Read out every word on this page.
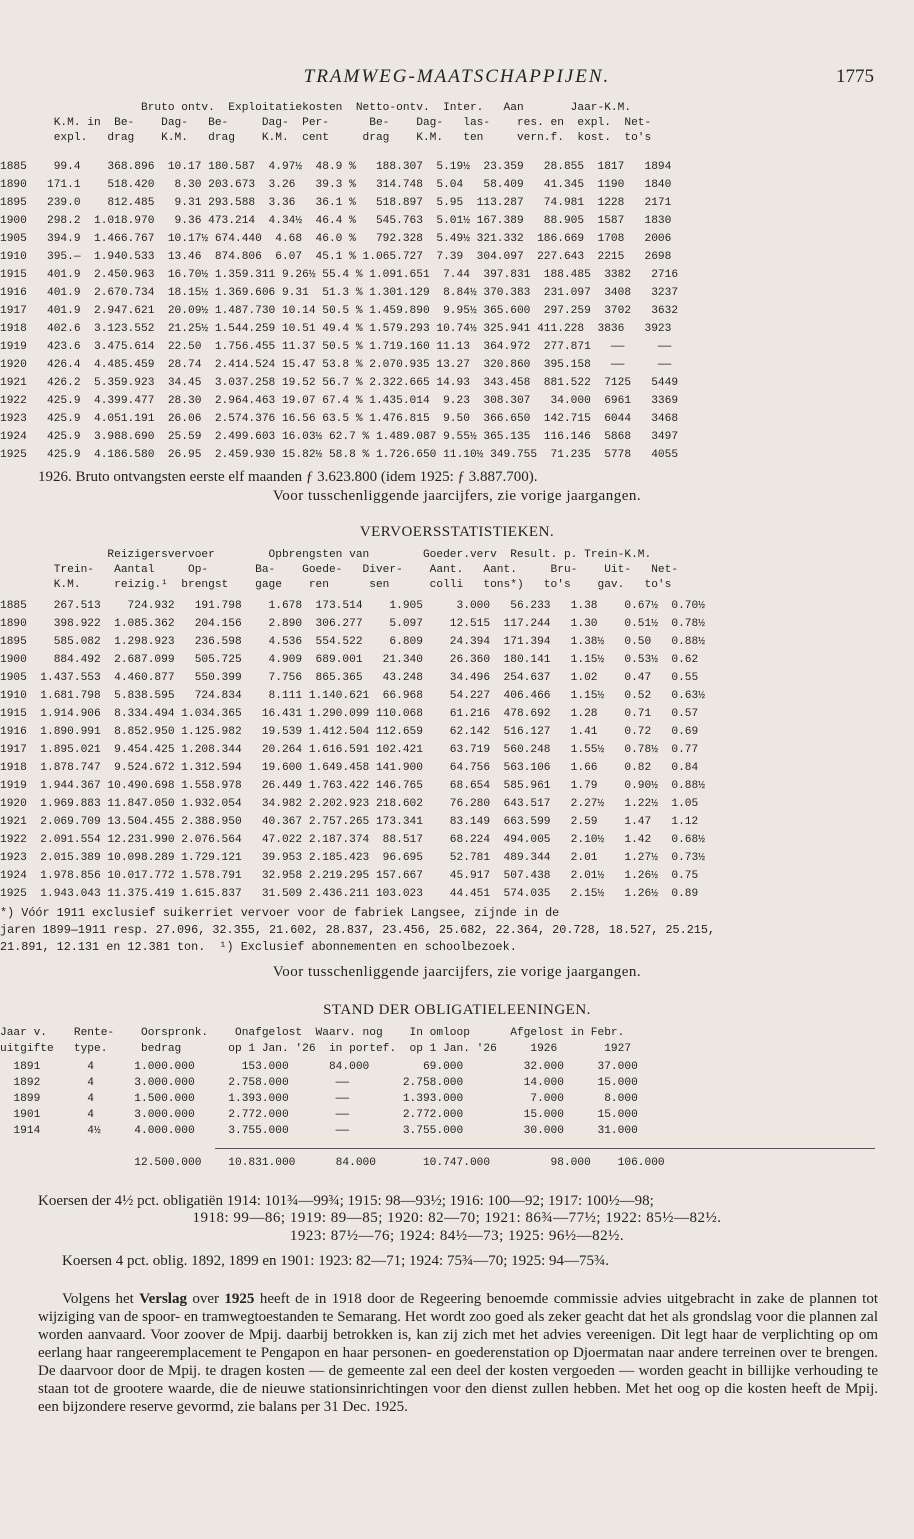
TRAMWEG-MAATSCHAPPIJEN.	1775
Bruto ontv.  Exploitatiekosten  Netto-ontv.  Inter.   Aan       Jaar-K.M.
K.M. in  Be-    Dag-   Be-     Dag-  Per-      Be-    Dag-   las-    res. en  expl.  Net-
expl.   drag    K.M.   drag    K.M.  cent     drag    K.M.   ten     vern.f.  kost.  to's
1885    99.4    368.896  10.17 180.587  4.97½  48.9 %   188.307  5.19½  23.359   28.855  1817   1894
1890   171.1    518.420   8.30 203.673  3.26   39.3 %   314.748  5.04   58.409   41.345  1190   1840
1895   239.0    812.485   9.31 293.588  3.36   36.1 %   518.897  5.95  113.287   74.981  1228   2171
1900   298.2  1.018.970   9.36 473.214  4.34½  46.4 %   545.763  5.01½ 167.389   88.905  1587   1830
1905   394.9  1.466.767  10.17½ 674.440  4.68  46.0 %   792.328  5.49½ 321.332  186.669  1708   2006
1910   395.—  1.940.533  13.46  874.806  6.07  45.1 % 1.065.727  7.39  304.097  227.643  2215   2698
1915   401.9  2.450.963  16.70½ 1.359.311 9.26½ 55.4 % 1.091.651  7.44  397.831  188.485  3382   2716
1916   401.9  2.670.734  18.15½ 1.369.606 9.31  51.3 % 1.301.129  8.84½ 370.383  231.097  3408   3237
1917   401.9  2.947.621  20.09½ 1.487.730 10.14 50.5 % 1.459.890  9.95½ 365.600  297.259  3702   3632
1918   402.6  3.123.552  21.25½ 1.544.259 10.51 49.4 % 1.579.293 10.74½ 325.941 411.228  3836   3923
1919   423.6  3.475.614  22.50  1.756.455 11.37 50.5 % 1.719.160 11.13  364.972  277.871   ——     ——
1920   426.4  4.485.459  28.74  2.414.524 15.47 53.8 % 2.070.935 13.27  320.860  395.158   ——     ——
1921   426.2  5.359.923  34.45  3.037.258 19.52 56.7 % 2.322.665 14.93  343.458  881.522  7125   5449
1922   425.9  4.399.477  28.30  2.964.463 19.07 67.4 % 1.435.014  9.23  308.307   34.000  6961   3369
1923   425.9  4.051.191  26.06  2.574.376 16.56 63.5 % 1.476.815  9.50  366.650  142.715  6044   3468
1924   425.9  3.988.690  25.59  2.499.603 16.03½ 62.7 % 1.489.087 9.55½ 365.135  116.146  5868   3497
1925   425.9  4.186.580  26.95  2.459.930 15.82½ 58.8 % 1.726.650 11.10½ 349.755  71.235  5778   4055
1926. Bruto ontvangsten eerste elf maanden ƒ 3.623.800 (idem 1925: ƒ 3.887.700).
Voor tusschenliggende jaarcijfers, zie vorige jaargangen.
VERVOERSSTATISTIEKEN.
Reizigersvervoer        Opbrengsten van        Goeder.verv  Result. p. Trein-K.M.
Trein-   Aantal     Op-       Ba-    Goede-   Diver-    Aant.   Aant.     Bru-    Uit-   Net-
K.M.     reizig.¹  brengst    gage    ren      sen      colli   tons*)   to's    gav.   to's
1885    267.513    724.932   191.798    1.678  173.514    1.905     3.000   56.233   1.38    0.67½  0.70½
1890    398.922  1.085.362   204.156    2.890  306.277    5.097    12.515  117.244   1.30    0.51½  0.78½
1895    585.082  1.298.923   236.598    4.536  554.522    6.809    24.394  171.394   1.38½   0.50   0.88½
1900    884.492  2.687.099   505.725    4.909  689.001   21.340    26.360  180.141   1.15½   0.53½  0.62
1905  1.437.553  4.460.877   550.399    7.756  865.365   43.248    34.496  254.637   1.02    0.47   0.55
1910  1.681.798  5.838.595   724.834    8.111 1.140.621  66.968    54.227  406.466   1.15½   0.52   0.63½
1915  1.914.906  8.334.494 1.034.365   16.431 1.290.099 110.068    61.216  478.692   1.28    0.71   0.57
1916  1.890.991  8.852.950 1.125.982   19.539 1.412.504 112.659    62.142  516.127   1.41    0.72   0.69
1917  1.895.021  9.454.425 1.208.344   20.264 1.616.591 102.421    63.719  560.248   1.55½   0.78½  0.77
1918  1.878.747  9.524.672 1.312.594   19.600 1.649.458 141.900    64.756  563.106   1.66    0.82   0.84
1919  1.944.367 10.490.698 1.558.978   26.449 1.763.422 146.765    68.654  585.961   1.79    0.90½  0.88½
1920  1.969.883 11.847.050 1.932.054   34.982 2.202.923 218.602    76.280  643.517   2.27½   1.22½  1.05
1921  2.069.709 13.504.455 2.388.950   40.367 2.757.265 173.341    83.149  663.599   2.59    1.47   1.12
1922  2.091.554 12.231.990 2.076.564   47.022 2.187.374  88.517    68.224  494.005   2.10½   1.42   0.68½
1923  2.015.389 10.098.289 1.729.121   39.953 2.185.423  96.695    52.781  489.344   2.01    1.27½  0.73½
1924  1.978.856 10.017.772 1.578.791   32.958 2.219.295 157.667    45.917  507.438   2.01½   1.26½  0.75
1925  1.943.043 11.375.419 1.615.837   31.509 2.436.211 103.023    44.451  574.035   2.15½   1.26½  0.89
*) Vóór 1911 exclusief suikerriet vervoer voor de fabriek Langsee, zijnde in de
jaren 1899—1911 resp. 27.096, 32.355, 21.602, 28.837, 23.456, 25.682, 22.364, 20.728, 18.527, 25.215,
21.891, 12.131 en 12.381 ton.  ¹) Exclusief abonnementen en schoolbezoek.
Voor tusschenliggende jaarcijfers, zie vorige jaargangen.
STAND DER OBLIGATIELEENINGEN.
Jaar v.    Rente-    Oorspronk.    Onafgelost  Waarv. nog    In omloop      Afgelost in Febr.
uitgifte   type.     bedrag       op 1 Jan. '26  in portef.  op 1 Jan. '26     1926       1927
1891       4      1.000.000       153.000      84.000        69.000         32.000     37.000
1892       4      3.000.000     2.758.000       ——        2.758.000         14.000     15.000
1899       4      1.500.000     1.393.000       ——        1.393.000          7.000      8.000
1901       4      3.000.000     2.772.000       ——        2.772.000         15.000     15.000
1914       4½     4.000.000     3.755.000       ——        3.755.000         30.000     31.000
12.500.000    10.831.000      84.000       10.747.000         98.000    106.000
Koersen der 4½ pct. obligatiën 1914: 101¾—99¾; 1915: 98—93½; 1916: 100—92; 1917: 100½—98;
1918: 99—86; 1919: 89—85; 1920: 82—70; 1921: 86¾—77½; 1922: 85½—82½.
1923: 87½—76; 1924: 84½—73; 1925: 96½—82½.
Koersen 4 pct. oblig. 1892, 1899 en 1901: 1923: 82—71; 1924: 75¾—70; 1925: 94—75¾.

Volgens het Verslag over 1925 heeft de in 1918 door de Regeering benoemde commissie advies uitgebracht in zake de plannen tot wijziging van de spoor- en tramwegtoestanden te Semarang. Het wordt zoo goed als zeker geacht dat het als grondslag voor die plannen zal worden aanvaard. Voor zoover de Mpij. daarbij betrokken is, kan zij zich met het advies vereenigen. Dit legt haar de verplichting op om eerlang haar rangeeremplacement te Pengapon en haar personen- en goederenstation op Djoermatan naar andere terreinen over te brengen. De daarvoor door de Mpij. te dragen kosten — de gemeente zal een deel der kosten vergoeden — worden geacht in billijke verhouding te staan tot de grootere waarde, die de nieuwe stationsinrichtingen voor den dienst zullen hebben. Met het oog op die kosten heeft de Mpij. een bijzondere reserve gevormd, zie balans per 31 Dec. 1925.
